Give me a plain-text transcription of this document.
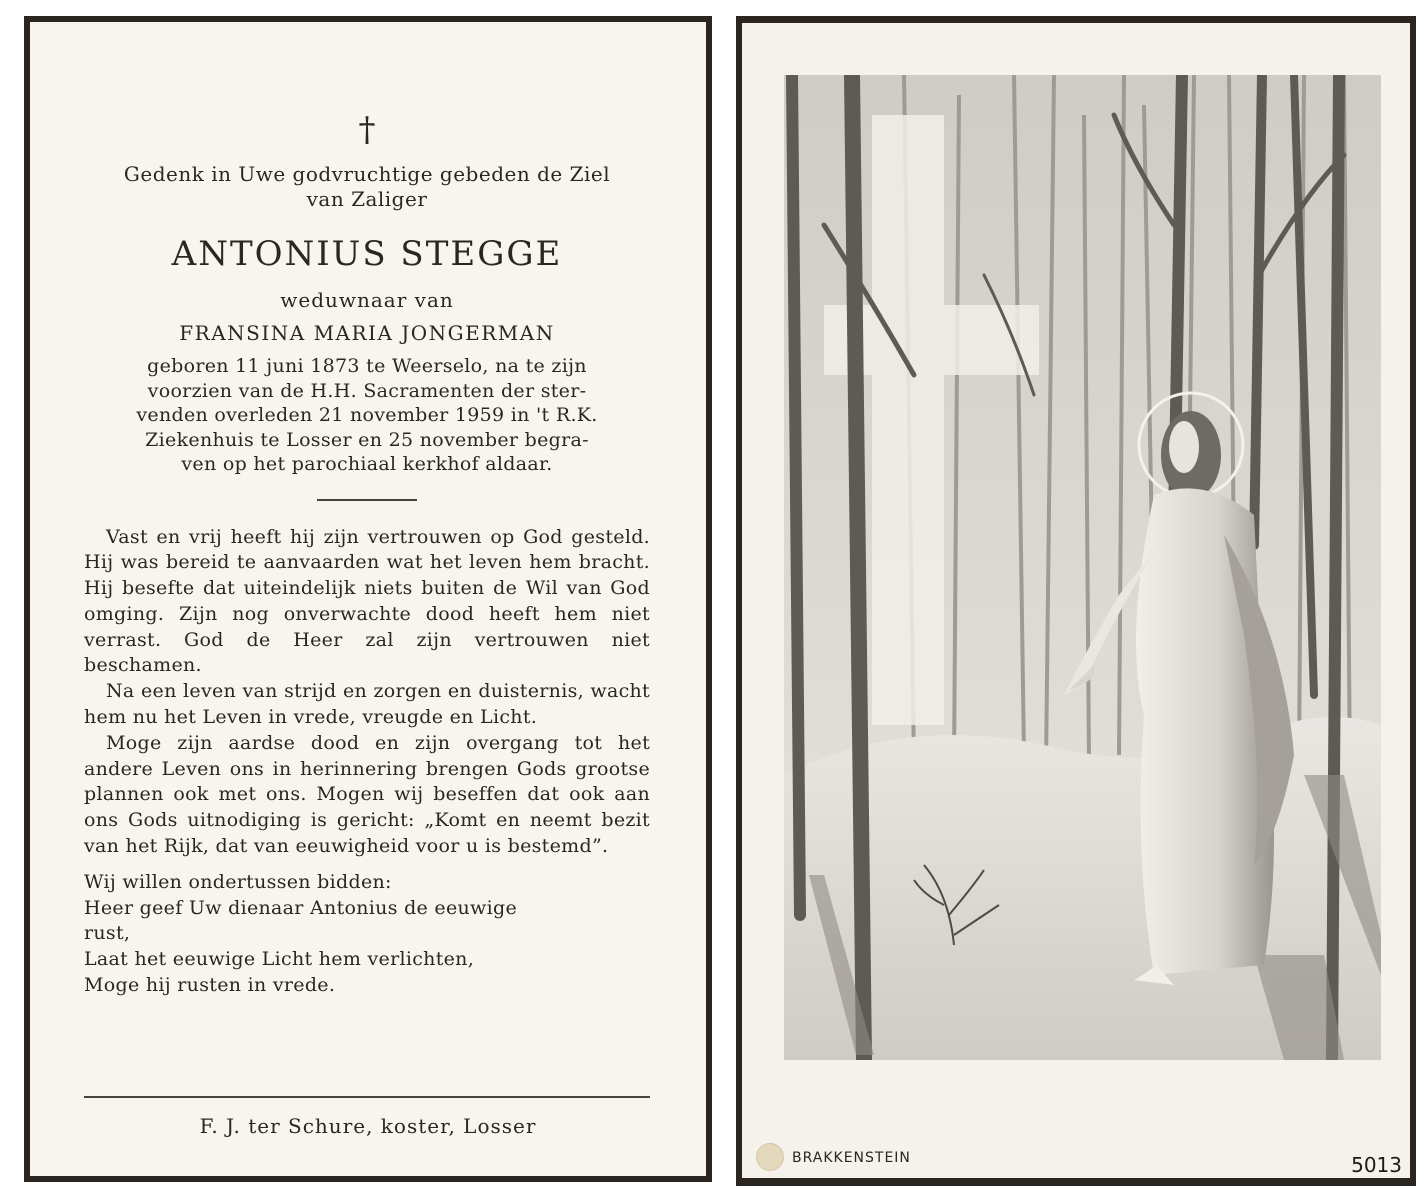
†
Gedenk in Uwe godvruchtige gebeden de Ziel
van Zaliger
ANTONIUS STEGGE
weduwnaar van
FRANSINA MARIA JONGERMAN
geboren 11 juni 1873 te Weerselo, na te zijn
voorzien van de H.H. Sacramenten der ster-
venden overleden 21 november 1959 in 't R.K.
Ziekenhuis te Losser en 25 november begra-
ven op het parochiaal kerkhof aldaar.

Vast en vrij heeft hij zijn vertrouwen op God gesteld. Hij was bereid te aanvaarden wat het leven hem bracht. Hij besefte dat uiteindelijk niets buiten de Wil van God omging. Zijn nog onverwachte dood heeft hem niet verrast. God de Heer zal zijn vertrouwen niet beschamen.

Na een leven van strijd en zorgen en duisternis, wacht hem nu het Leven in vrede, vreugde en Licht.

Moge zijn aardse dood en zijn overgang tot het andere Leven ons in herinnering brengen Gods grootse plannen ook met ons. Mogen wij beseffen dat ook aan ons Gods uitnodiging is gericht: „Komt en neemt bezit van het Rijk, dat van eeuwigheid voor u is bestemd”.

Wij willen ondertussen bidden:
Heer geef Uw dienaar Antonius de eeuwige
rust,
Laat het eeuwige Licht hem verlichten,
Moge hij rusten in vrede.
F. J. ter Schure, koster, Losser
BRAKKENSTEIN	5013
